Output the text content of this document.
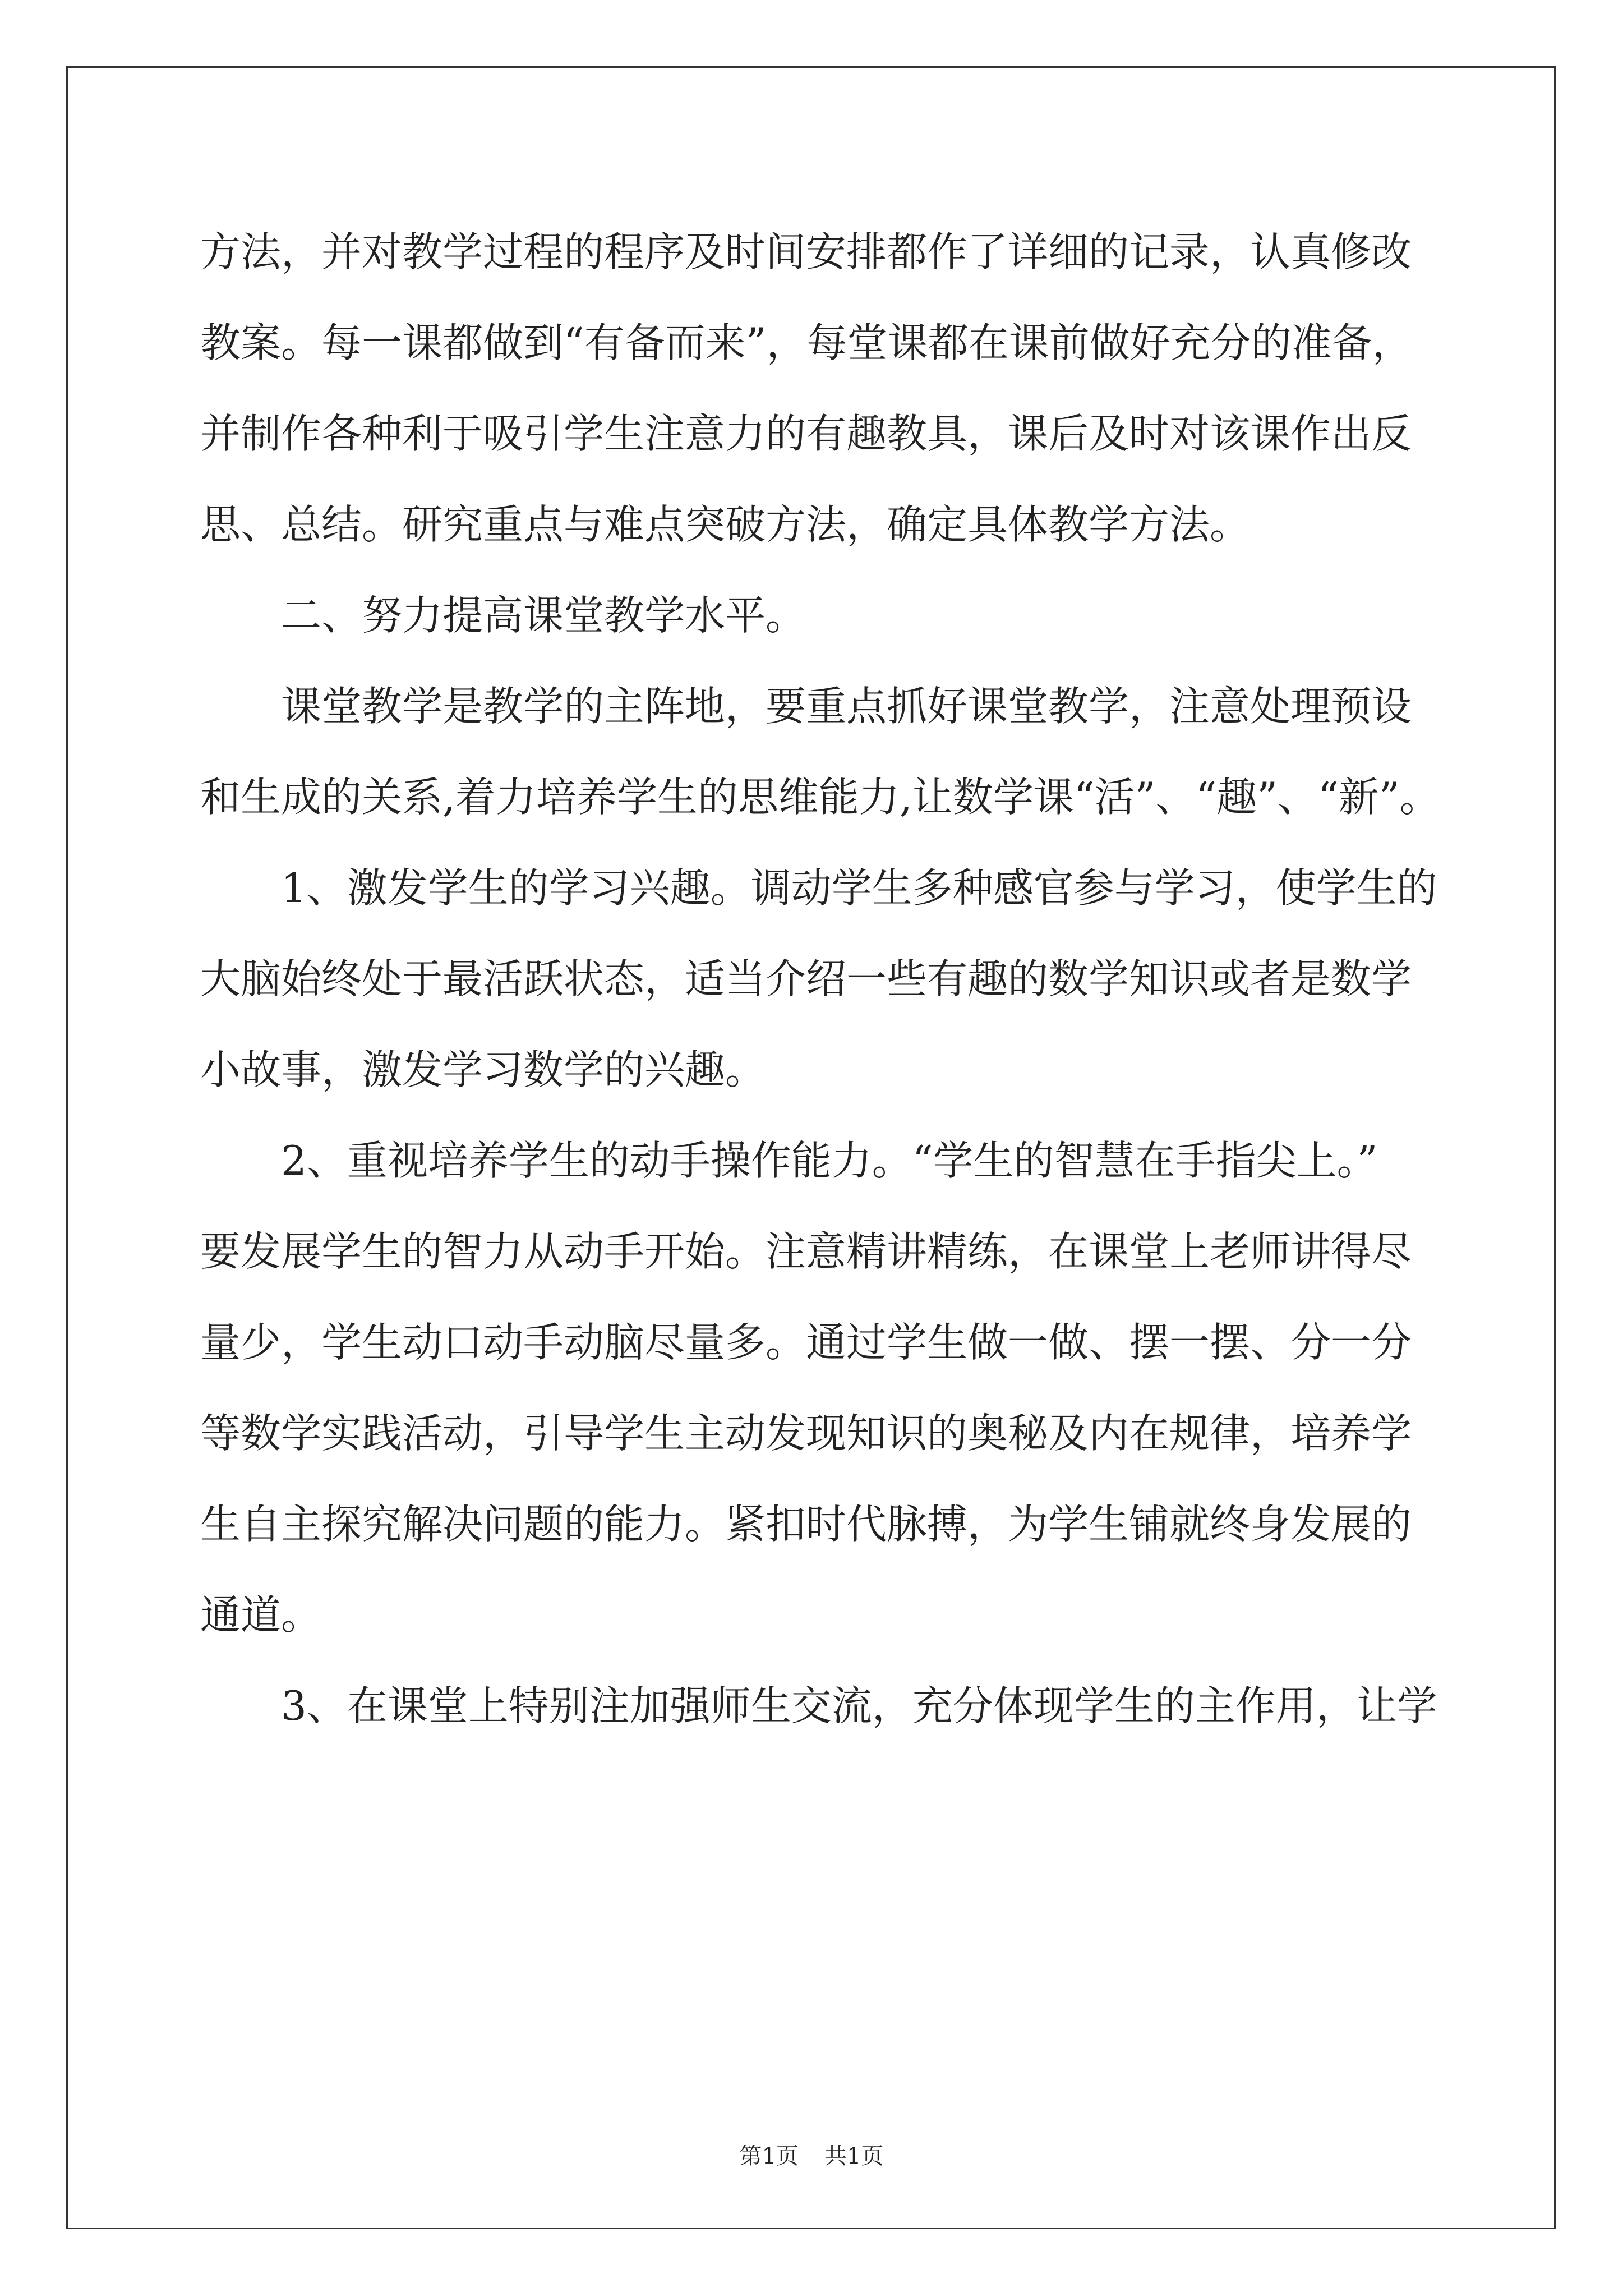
方法，并对教学过程的程序及时间安排都作了详细的记录，认真修改

教案。每一课都做到“有备而来”，每堂课都在课前做好充分的准备，

并制作各种利于吸引学生注意力的有趣教具，课后及时对该课作出反

思、总结。研究重点与难点突破方法，确定具体教学方法。

二、努力提高课堂教学水平。

课堂教学是教学的主阵地，要重点抓好课堂教学，注意处理预设

和生成的关系,着力培养学生的思维能力,让数学课“活”、“趣”、“新”。

1、激发学生的学习兴趣。调动学生多种感官参与学习，使学生的

大脑始终处于最活跃状态，适当介绍一些有趣的数学知识或者是数学

小故事，激发学习数学的兴趣。

2、重视培养学生的动手操作能力。“学生的智慧在手指尖上。”

要发展学生的智力从动手开始。注意精讲精练，在课堂上老师讲得尽

量少，学生动口动手动脑尽量多。通过学生做一做、摆一摆、分一分

等数学实践活动，引导学生主动发现知识的奥秘及内在规律，培养学

生自主探究解决问题的能力。紧扣时代脉搏，为学生铺就终身发展的

通道。

3、在课堂上特别注加强师生交流，充分体现学生的主作用，让学

第1页 共1页
